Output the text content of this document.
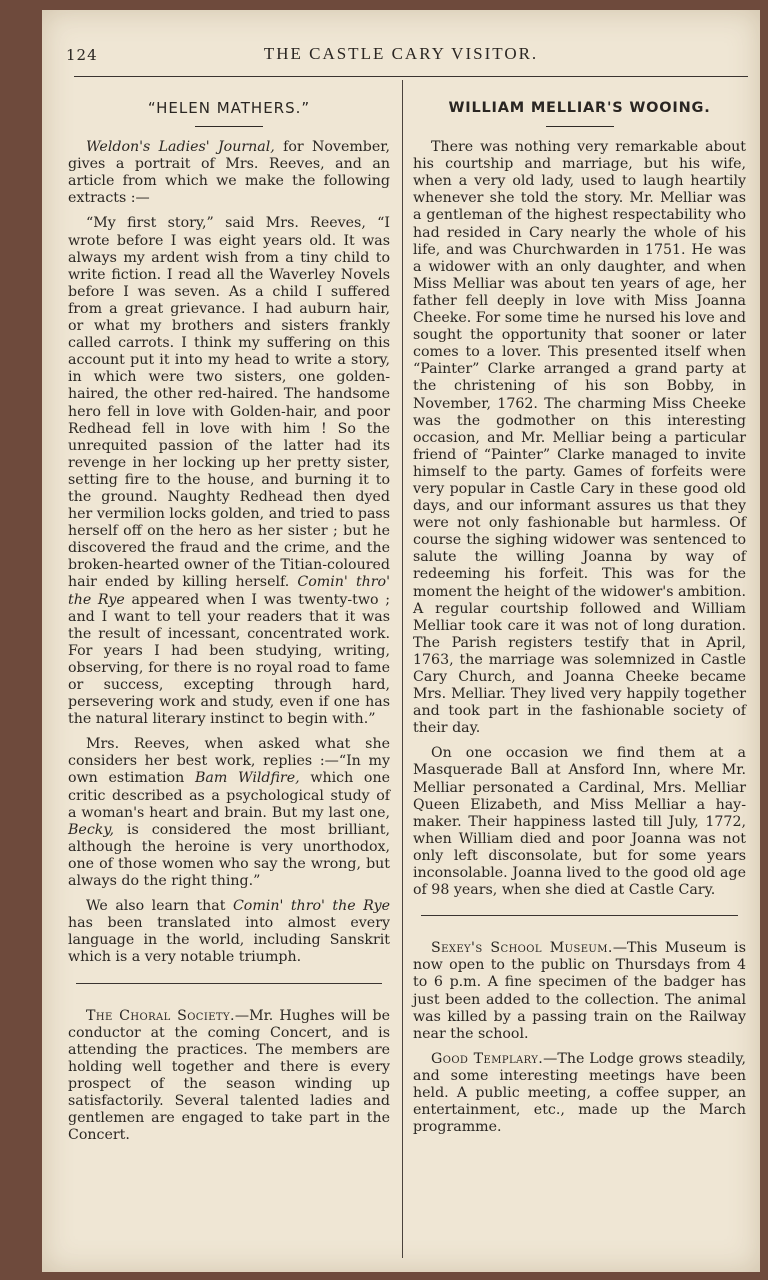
124	THE CASTLE CARY VISITOR.
“HELEN MATHERS.”

Weldon's Ladies' Journal, for November, gives a portrait of Mrs. Reeves, and an article from which we make the following extracts :—

“My first story,” said Mrs. Reeves, “I wrote before I was eight years old. It was always my ardent wish from a tiny child to write fiction. I read all the Waverley Novels before I was seven. As a child I suffered from a great grievance. I had auburn hair, or what my brothers and sisters frankly called carrots. I think my suffering on this account put it into my head to write a story, in which were two sisters, one golden-haired, the other red-haired. The handsome hero fell in love with Golden-hair, and poor Redhead fell in love with him ! So the unrequited passion of the latter had its revenge in her locking up her pretty sister, setting fire to the house, and burning it to the ground. Naughty Redhead then dyed her vermilion locks golden, and tried to pass herself off on the hero as her sister ; but he discovered the fraud and the crime, and the broken-hearted owner of the Titian-coloured hair ended by killing herself. Comin' thro' the Rye appeared when I was twenty-two ; and I want to tell your readers that it was the result of incessant, concentrated work. For years I had been studying, writing, observing, for there is no royal road to fame or success, excepting through hard, persevering work and study, even if one has the natural literary instinct to begin with.”

Mrs. Reeves, when asked what she considers her best work, replies :—“In my own estimation Bam Wildfire, which one critic described as a psychological study of a woman's heart and brain. But my last one, Becky, is considered the most brilliant, although the heroine is very unorthodox, one of those women who say the wrong, but always do the right thing.”

We also learn that Comin' thro' the Rye has been translated into almost every language in the world, including Sanskrit which is a very notable triumph.

The Choral Society.—Mr. Hughes will be conductor at the coming Concert, and is attending the practices. The members are holding well together and there is every prospect of the season winding up satisfactorily. Several talented ladies and gentlemen are engaged to take part in the Concert.

WILLIAM MELLIAR'S WOOING.

There was nothing very remarkable about his courtship and marriage, but his wife, when a very old lady, used to laugh heartily whenever she told the story. Mr. Melliar was a gentleman of the highest respectability who had resided in Cary nearly the whole of his life, and was Churchwarden in 1751. He was a widower with an only daughter, and when Miss Melliar was about ten years of age, her father fell deeply in love with Miss Joanna Cheeke. For some time he nursed his love and sought the opportunity that sooner or later comes to a lover. This presented itself when “Painter” Clarke arranged a grand party at the christening of his son Bobby, in November, 1762. The charming Miss Cheeke was the godmother on this interesting occasion, and Mr. Melliar being a particular friend of “Painter” Clarke managed to invite himself to the party. Games of forfeits were very popular in Castle Cary in these good old days, and our informant assures us that they were not only fashionable but harmless. Of course the sighing widower was sentenced to salute the willing Joanna by way of redeeming his forfeit. This was for the moment the height of the widower's ambition. A regular courtship followed and William Melliar took care it was not of long duration. The Parish registers testify that in April, 1763, the marriage was solemnized in Castle Cary Church, and Joanna Cheeke became Mrs. Melliar. They lived very happily together and took part in the fashionable society of their day.

On one occasion we find them at a Masquerade Ball at Ansford Inn, where Mr. Melliar personated a Cardinal, Mrs. Melliar Queen Elizabeth, and Miss Melliar a hay-maker. Their happiness lasted till July, 1772, when William died and poor Joanna was not only left disconsolate, but for some years inconsolable. Joanna lived to the good old age of 98 years, when she died at Castle Cary.

Sexey's School Museum.—This Museum is now open to the public on Thursdays from 4 to 6 p.m. A fine specimen of the badger has just been added to the collection. The animal was killed by a passing train on the Railway near the school.

Good Templary.—The Lodge grows steadily, and some interesting meetings have been held. A public meeting, a coffee supper, an entertainment, etc., made up the March programme.
